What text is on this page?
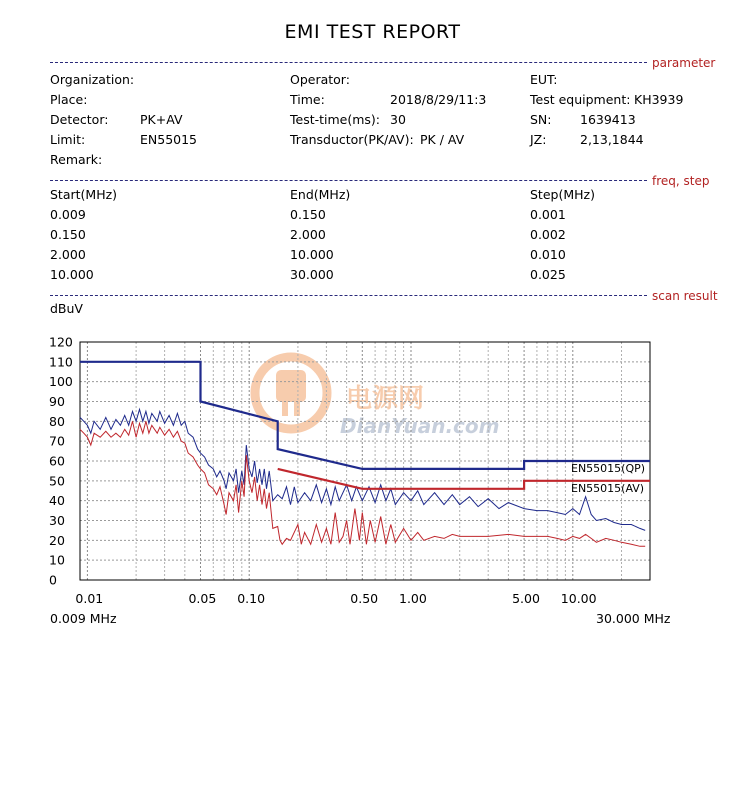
EMI TEST REPORT
parameter
Organization:	Operator:	EUT:
Place:	Time:	2018/8/29/11:3	Test equipment: KH3939
Detector:	PK+AV	Test-time(ms): 30	SN: 1639413
Limit:	EN55015	Transductor(PK/AV): PK / AV	JZ:	2,13,1844
Remark:
freq, step
Start(MHz)	End(MHz)	Step(MHz)
0.009	0.150	0.001
0.150	2.000	0.002
2.000	10.000	0.010
10.000	30.000	0.025
scan result
dBuV
0.009 MHz	30.000 MHz
电源网
DianYuan.com
0
10
20
30
40
50
60
70
80
90
100
110
120
0.01	0.05 0.10	0.50 1.00	5.00 10.00
EN55015(QP)
EN55015(AV)
